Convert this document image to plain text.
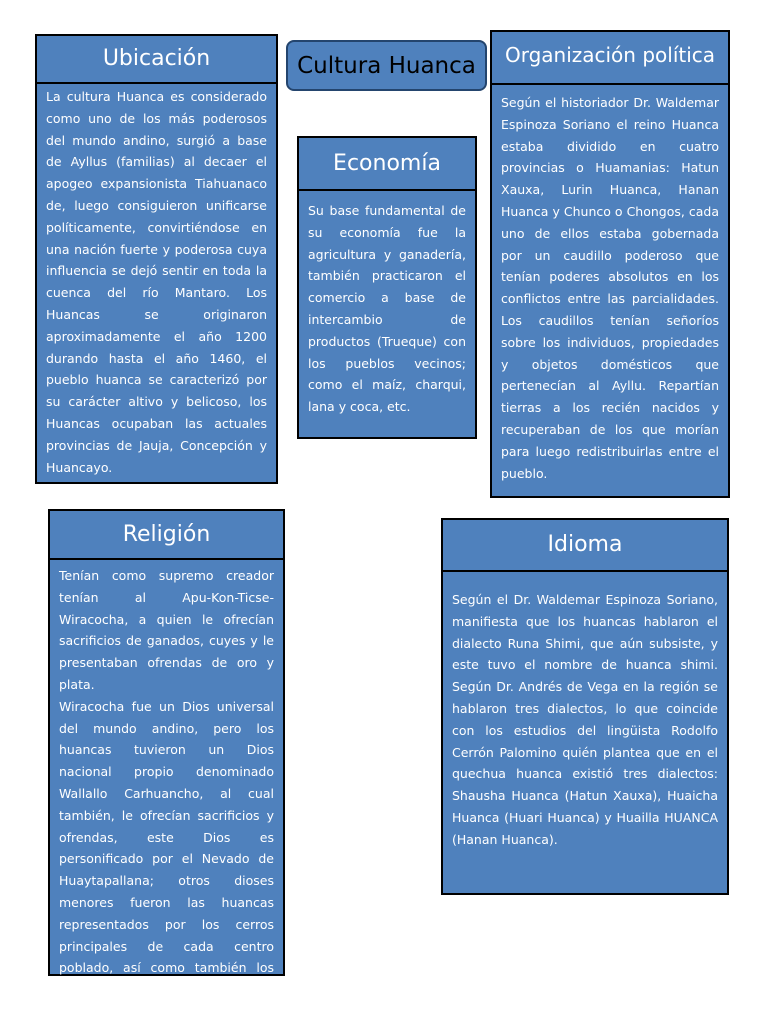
Cultura Huanca
Ubicación

La cultura Huanca es considerado como uno de los más poderosos del mundo andino, surgió a base de Ayllus (familias) al decaer el apogeo expansionista Tiahuanaco de, luego consiguieron unificarse políticamente, convirtiéndose en una nación fuerte y poderosa cuya influencia se dejó sentir en toda la cuenca del río Mantaro. Los Huancas se originaron aproximadamente el año 1200 durando hasta el año 1460, el pueblo huanca se caracterizó por su carácter altivo y belicoso, los Huancas ocupaban las actuales provincias de Jauja, Concepción y Huancayo.

Economía

Su base fundamental de su economía fue la agricultura y ganadería, también practicaron el comercio a base de intercambio de productos (Trueque) con los pueblos vecinos; como el maíz, charqui, lana y coca, etc.

Organización política

Según el historiador Dr. Waldemar Espinoza Soriano el reino Huanca estaba dividido en cuatro provincias o Huamanias: Hatun Xauxa, Lurin Huanca, Hanan Huanca y Chunco o Chongos, cada uno de ellos estaba gobernada por un caudillo poderoso que tenían poderes absolutos en los conflictos entre las parcialidades. Los caudillos tenían señoríos sobre los individuos, propiedades y objetos domésticos que pertenecían al Ayllu. Repartían tierras a los recién nacidos y recuperaban de los que morían para luego redistribuirlas entre el pueblo.

Religión

Tenían como supremo creador tenían al Apu-Kon-Ticse-Wiracocha, a quien le ofrecían sacrificios de ganados, cuyes y le presentaban ofrendas de oro y plata.

Wiracocha fue un Dios universal del mundo andino, pero los huancas tuvieron un Dios nacional propio denominado Wallallo Carhuancho, al cual también, le ofrecían sacrificios y ofrendas, este Dios es personificado por el Nevado de Huaytapallana; otros dioses menores fueron las huancas representados por los cerros principales de cada centro poblado, así como también los manantiales.

Idioma

Según el Dr. Waldemar Espinoza Soriano, manifiesta que los huancas hablaron el dialecto Runa Shimi, que aún subsiste, y este tuvo el nombre de huanca shimi. Según Dr. Andrés de Vega en la región se hablaron tres dialectos, lo que coincide con los estudios del lingüista Rodolfo Cerrón Palomino quién plantea que en el quechua huanca existió tres dialectos: Shausha Huanca (Hatun Xauxa), Huaicha Huanca (Huari Huanca) y Huailla HUANCA (Hanan Huanca).
